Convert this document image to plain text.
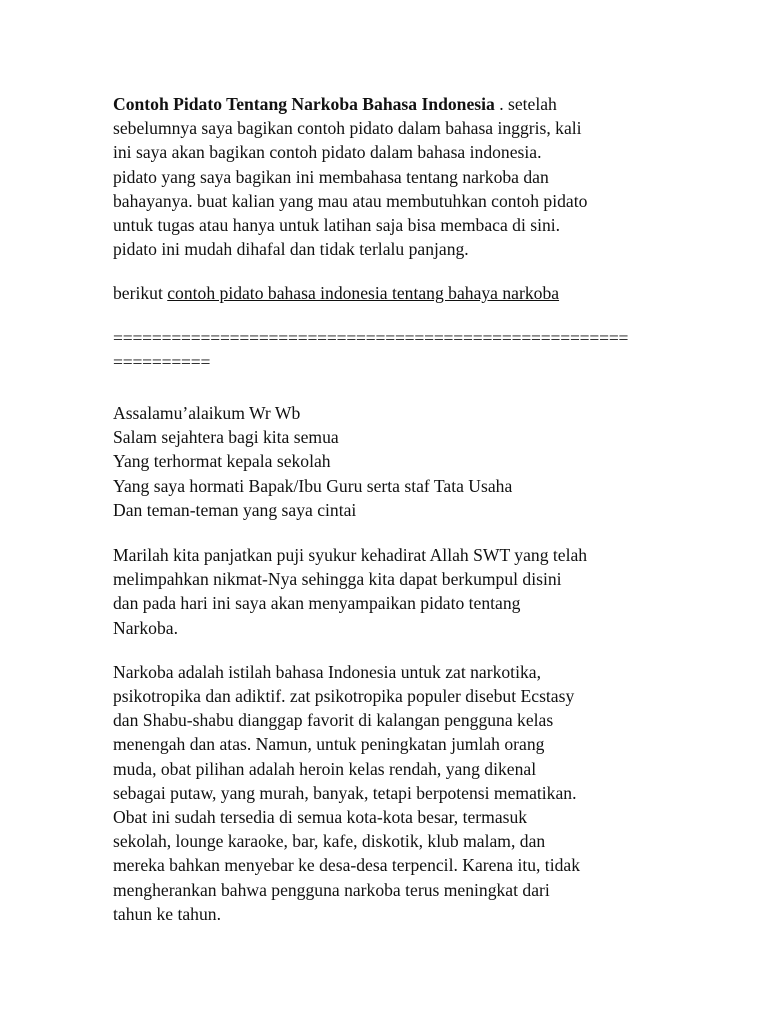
Contoh Pidato Tentang Narkoba Bahasa Indonesia . setelah
sebelumnya saya bagikan contoh pidato dalam bahasa inggris, kali
ini saya akan bagikan contoh pidato dalam bahasa indonesia.
pidato yang saya bagikan ini membahasa tentang narkoba dan
bahayanya. buat kalian yang mau atau membutuhkan contoh pidato
untuk tugas atau hanya untuk latihan saja bisa membaca di sini.
pidato ini mudah dihafal dan tidak terlalu panjang.

berikut contoh pidato bahasa indonesia tentang bahaya narkoba

=====================================================
==========

Assalamu’alaikum Wr Wb
Salam sejahtera bagi kita semua
Yang terhormat kepala sekolah
Yang saya hormati Bapak/Ibu Guru serta staf Tata Usaha
Dan teman-teman yang saya cintai

Marilah kita panjatkan puji syukur kehadirat Allah SWT yang telah
melimpahkan nikmat-Nya sehingga kita dapat berkumpul disini
dan pada hari ini saya akan menyampaikan pidato tentang
Narkoba.

Narkoba adalah istilah bahasa Indonesia untuk zat narkotika,
psikotropika dan adiktif. zat psikotropika populer disebut Ecstasy
dan Shabu-shabu dianggap favorit di kalangan pengguna kelas
menengah dan atas. Namun, untuk peningkatan jumlah orang
muda, obat pilihan adalah heroin kelas rendah, yang dikenal
sebagai putaw, yang murah, banyak, tetapi berpotensi mematikan.
Obat ini sudah tersedia di semua kota-kota besar, termasuk
sekolah, lounge karaoke, bar, kafe, diskotik, klub malam, dan
mereka bahkan menyebar ke desa-desa terpencil. Karena itu, tidak
mengherankan bahwa pengguna narkoba terus meningkat dari
tahun ke tahun.
